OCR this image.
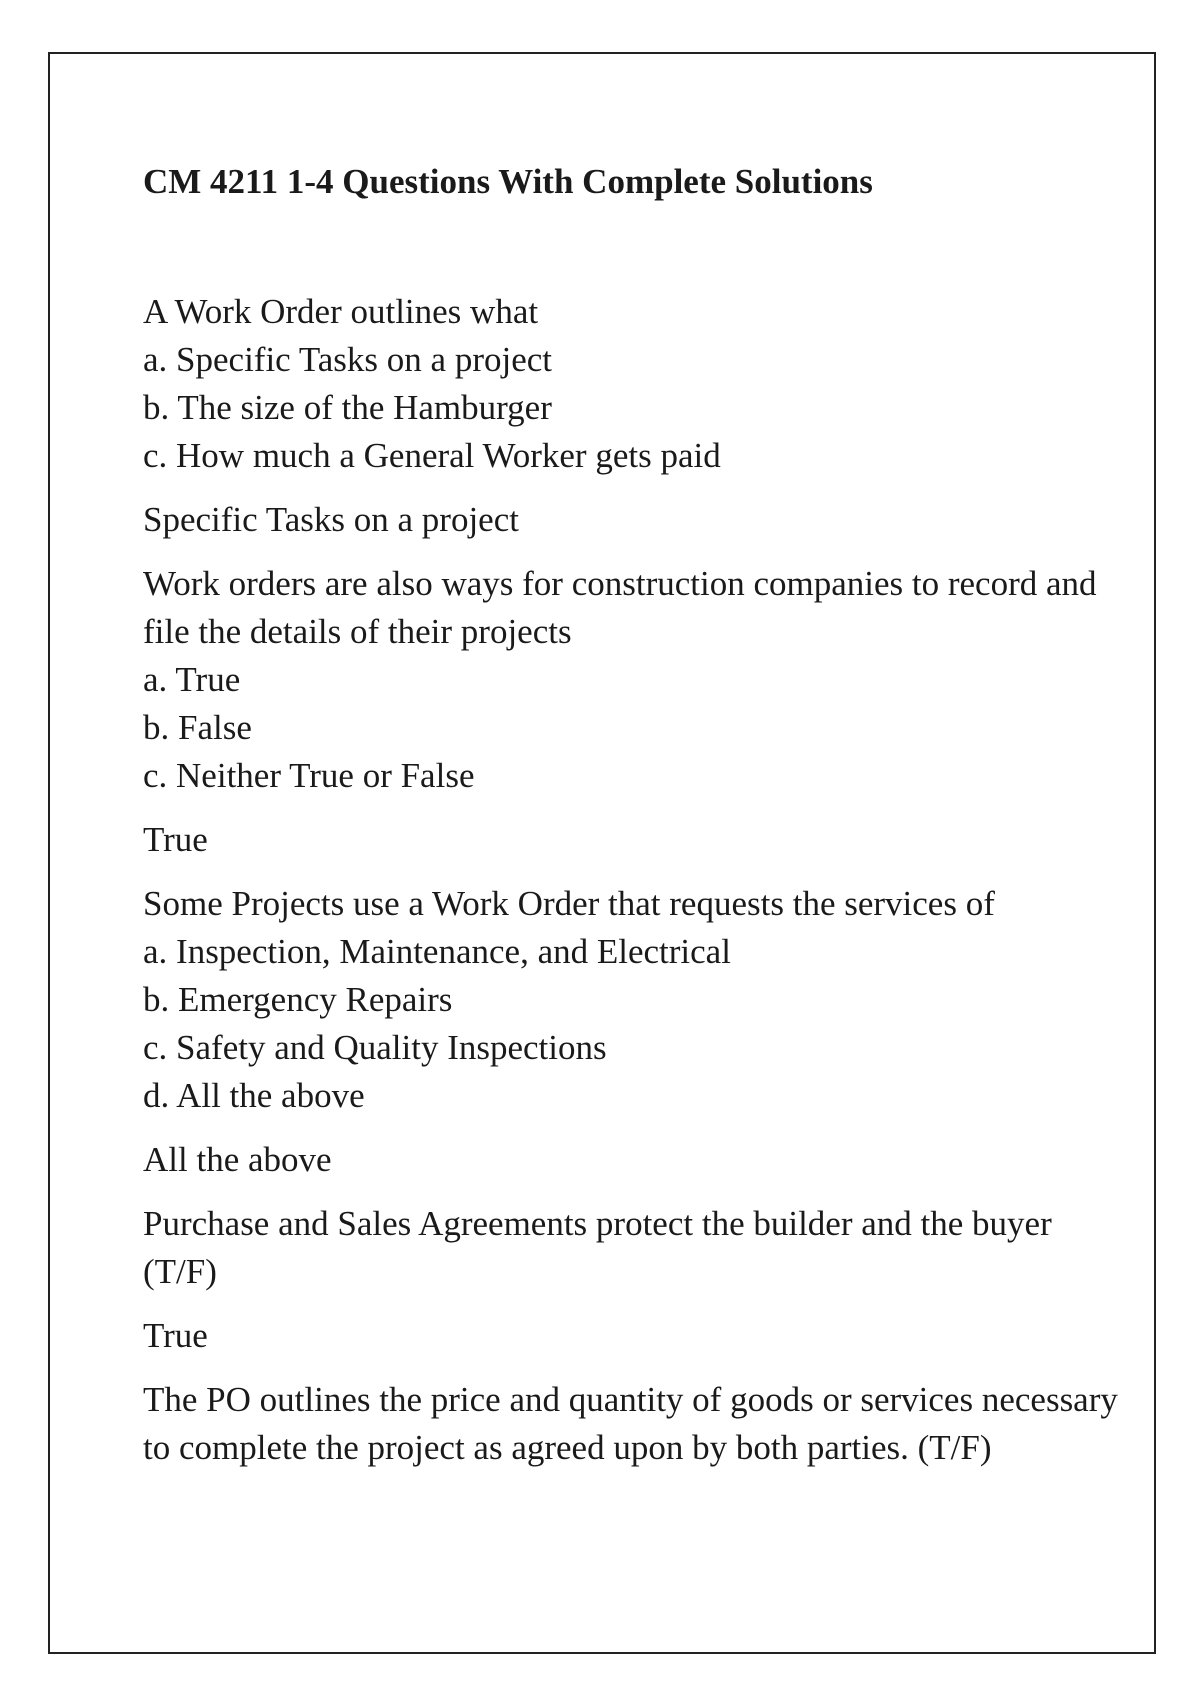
CM 4211 1-4 Questions With Complete Solutions

A Work Order outlines what

a. Specific Tasks on a project

b. The size of the Hamburger

c. How much a General Worker gets paid

Specific Tasks on a project

Work orders are also ways for construction companies to record and file the details of their projects

a. True

b. False

c. Neither True or False

True

Some Projects use a Work Order that requests the services of

a. Inspection, Maintenance, and Electrical

b. Emergency Repairs

c. Safety and Quality Inspections

d. All the above

All the above

Purchase and Sales Agreements protect the builder and the buyer (T/F)

True

The PO outlines the price and quantity of goods or services necessary to complete the project as agreed upon by both parties. (T/F)
